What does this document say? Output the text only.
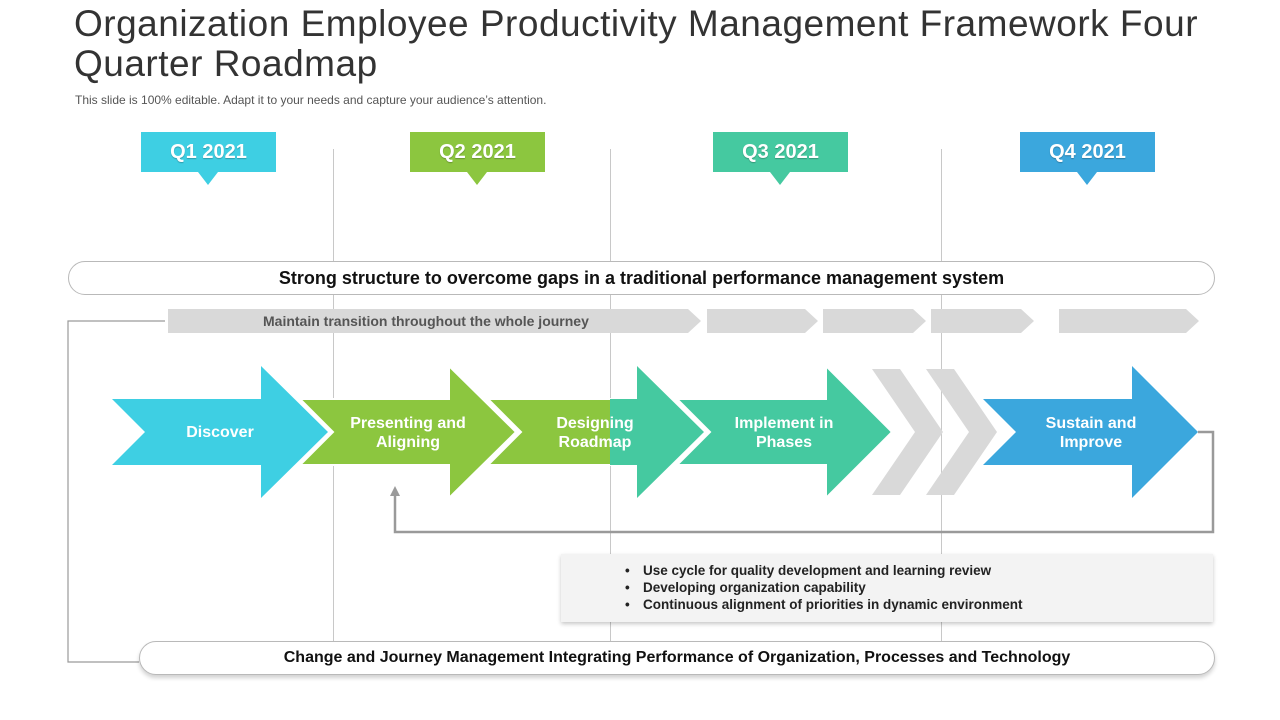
Organization Employee Productivity Management Framework Four Quarter Roadmap
This slide is 100% editable. Adapt it to your needs and capture your audience’s attention.
Q1 2021	Q2 2021	Q3 2021	Q4 2021
Strong structure to overcome gaps in a traditional performance management system
Maintain transition throughout the whole journey
Discover
Presenting and Aligning
Designing Roadmap
Implement in Phases
Sustain and Improve
• Use cycle for quality development and learning review
• Developing organization capability
• Continuous alignment of priorities in dynamic environment
Change and Journey Management Integrating Performance of Organization, Processes and Technology
